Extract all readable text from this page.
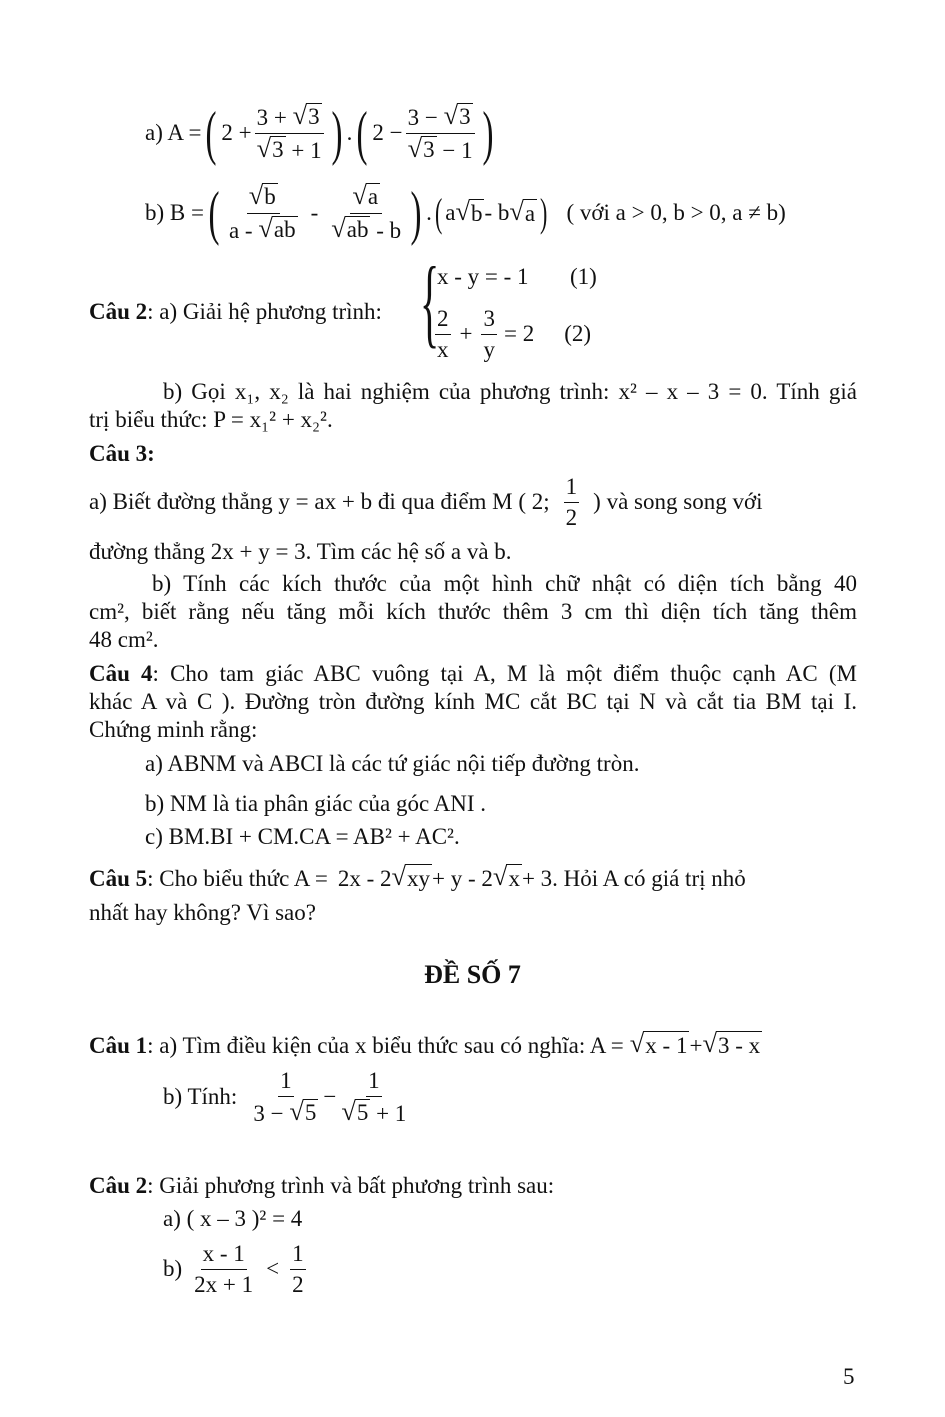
a) A = ( $2 + \frac{3 + √ 3}{√ 3 + 1}$ ) . ( $2 - \frac{3 - √ 3}{√ 3 - 1}$ )
b) B = ( $\frac{√ b}{a - √ ab} - \frac{√ a}{√ ab - b}$ ) . ( a √ b - b √ a ) ( với a > 0, b > 0, a ≠ b)
Câu 2: a) Giải hệ phương trình: {
x - y = - 1 (1)
$\frac{2}{x} + \frac{3}{y} = 2$ (2)
b) Gọi x₁, x₂ là hai nghiệm của phương trình: x² – x – 3 = 0. Tính giá
trị biểu thức: P = x₁² + x₂².
Câu 3:
a) Biết đường thẳng y = ax + b đi qua điểm M ( 2; $\frac{1}{2}$ ) và song song với
đường thẳng 2x + y = 3. Tìm các hệ số a và b.
b) Tính các kích thước của một hình chữ nhật có diện tích bằng 40
cm², biết rằng nếu tăng mỗi kích thước thêm 3 cm thì diện tích tăng thêm
48 cm².
Câu 4: Cho tam giác ABC vuông tại A, M là một điểm thuộc cạnh AC (M
khác A và C ). Đường tròn đường kính MC cắt BC tại N và cắt tia BM tại I.
Chứng minh rằng:
a) ABNM và ABCI là các tứ giác nội tiếp đường tròn.
b) NM là tia phân giác của góc ANI .
c) BM.BI + CM.CA = AB² + AC².
Câu 5 : Cho biểu thức A = 2x - 2 √ xy + y - 2 √ x + 3 . Hỏi A có giá trị nhỏ
nhất hay không? Vì sao?
ĐỀ SỐ 7
Câu 1 : a) Tìm điều kiện của x biểu thức sau có nghĩa: A = √ x - 1 + √ 3 - x
b) Tính: $\frac{1}{3 - √ 5} - \frac{1}{√ 5 + 1}$
Câu 2: Giải phương trình và bất phương trình sau:
a) ( x – 3 )² = 4
$b) \frac{x - 1}{2x + 1} < \frac{1}{2}$
5
